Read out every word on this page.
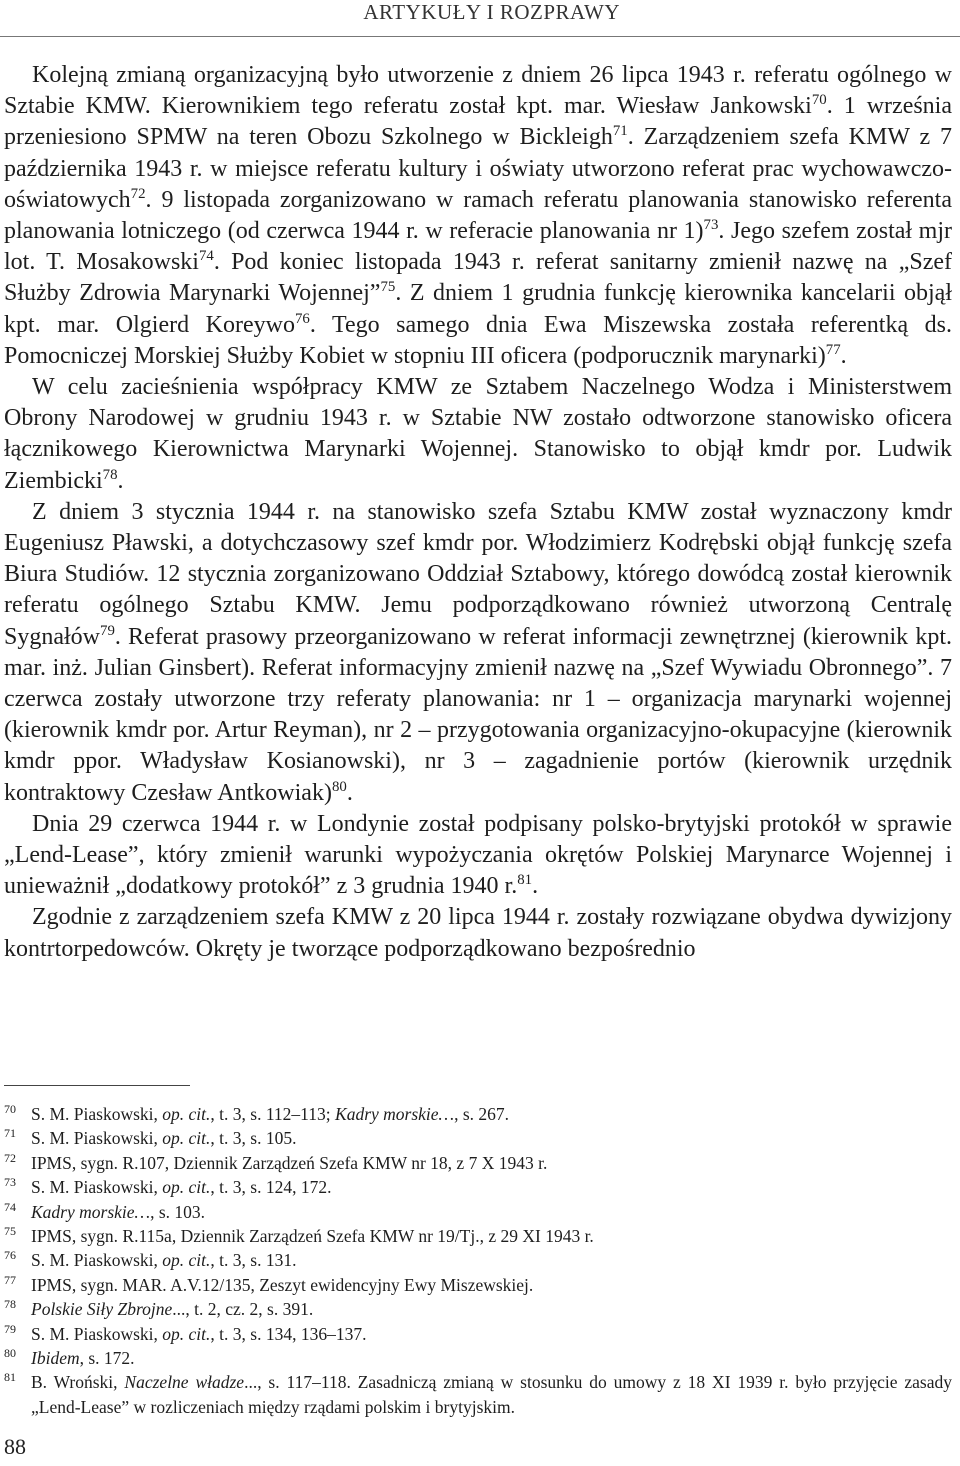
ARTYKUŁY I ROZPRAWY

Kolejną zmianą organizacyjną było utworzenie z dniem 26 lipca 1943 r. referatu ogólnego w Sztabie KMW. Kierownikiem tego referatu został kpt. mar. Wiesław Jankowski$^{70}$. 1 września przeniesiono SPMW na teren Obozu Szkolnego w Bickleigh$^{71}$. Zarządzeniem szefa KMW z 7 października 1943 r. w miejsce referatu kultury i oświaty utworzono referat prac wychowawczo-oświatowych$^{72}$. 9 listopada zorganizowano w ramach referatu planowania stanowisko referenta planowania lotniczego (od czerwca 1944 r. w referacie planowania nr 1)$^{73}$. Jego szefem został mjr lot. T. Mosakowski$^{74}$. Pod koniec listopada 1943 r. referat sanitarny zmienił nazwę na „Szef Służby Zdrowia Marynarki Wojennej”$^{75}$. Z dniem 1 grudnia funkcję kierownika kancelarii objął kpt. mar. Olgierd Koreywo$^{76}$. Tego samego dnia Ewa Miszewska została referentką ds. Pomocniczej Morskiej Służby Kobiet w stopniu III oficera (podporucznik marynarki)$^{77}$.

W celu zacieśnienia współpracy KMW ze Sztabem Naczelnego Wodza i Ministerstwem Obrony Narodowej w grudniu 1943 r. w Sztabie NW zostało odtworzone stanowisko oficera łącznikowego Kierownictwa Marynarki Wojennej. Stanowisko to objął kmdr por. Ludwik Ziembicki$^{78}$.

Z dniem 3 stycznia 1944 r. na stanowisko szefa Sztabu KMW został wyznaczony kmdr Eugeniusz Pławski, a dotychczasowy szef kmdr por. Włodzimierz Kodrębski objął funkcję szefa Biura Studiów. 12 stycznia zorganizowano Oddział Sztabowy, którego dowódcą został kierownik referatu ogólnego Sztabu KMW. Jemu podporządkowano również utworzoną Centralę Sygnałów$^{79}$. Referat prasowy przeorganizowano w referat informacji zewnętrznej (kierownik kpt. mar. inż. Julian Ginsbert). Referat informacyjny zmienił nazwę na „Szef Wywiadu Obronnego”. 7 czerwca zostały utworzone trzy referaty planowania: nr 1 – organizacja marynarki wojennej (kierownik kmdr por. Artur Reyman), nr 2 – przygotowania organizacyjno-okupacyjne (kierownik kmdr ppor. Władysław Kosianowski), nr 3 – zagadnienie portów (kierownik urzędnik kontraktowy Czesław Antkowiak)$^{80}$.

Dnia 29 czerwca 1944 r. w Londynie został podpisany polsko-brytyjski protokół w sprawie „Lend-Lease”, który zmienił warunki wypożyczania okrętów Polskiej Marynarce Wojennej i unieważnił „dodatkowy protokół” z 3 grudnia 1940 r.$^{81}$.

Zgodnie z zarządzeniem szefa KMW z 20 lipca 1944 r. zostały rozwiązane obydwa dywizjony kontrtorpedowców. Okręty je tworzące podporządkowano bezpośrednio

70 S. M. Piaskowski, op. cit., t. 3, s. 112–113; Kadry morskie…, s. 267.
71 S. M. Piaskowski, op. cit., t. 3, s. 105.
72 IPMS, sygn. R.107, Dziennik Zarządzeń Szefa KMW nr 18, z 7 X 1943 r.
73 S. M. Piaskowski, op. cit., t. 3, s. 124, 172.
74 Kadry morskie…, s. 103.
75 IPMS, sygn. R.115a, Dziennik Zarządzeń Szefa KMW nr 19/Tj., z 29 XI 1943 r.
76 S. M. Piaskowski, op. cit., t. 3, s. 131.
77 IPMS, sygn. MAR. A.V.12/135, Zeszyt ewidencyjny Ewy Miszewskiej.
78 Polskie Siły Zbrojne..., t. 2, cz. 2, s. 391.
79 S. M. Piaskowski, op. cit., t. 3, s. 134, 136–137.
80 Ibidem, s. 172.
81 B. Wroński, Naczelne władze..., s. 117–118. Zasadniczą zmianą w stosunku do umowy z 18 XI 1939 r. było przyjęcie zasady „Lend-Lease” w rozliczeniach między rządami polskim i brytyjskim.
88
